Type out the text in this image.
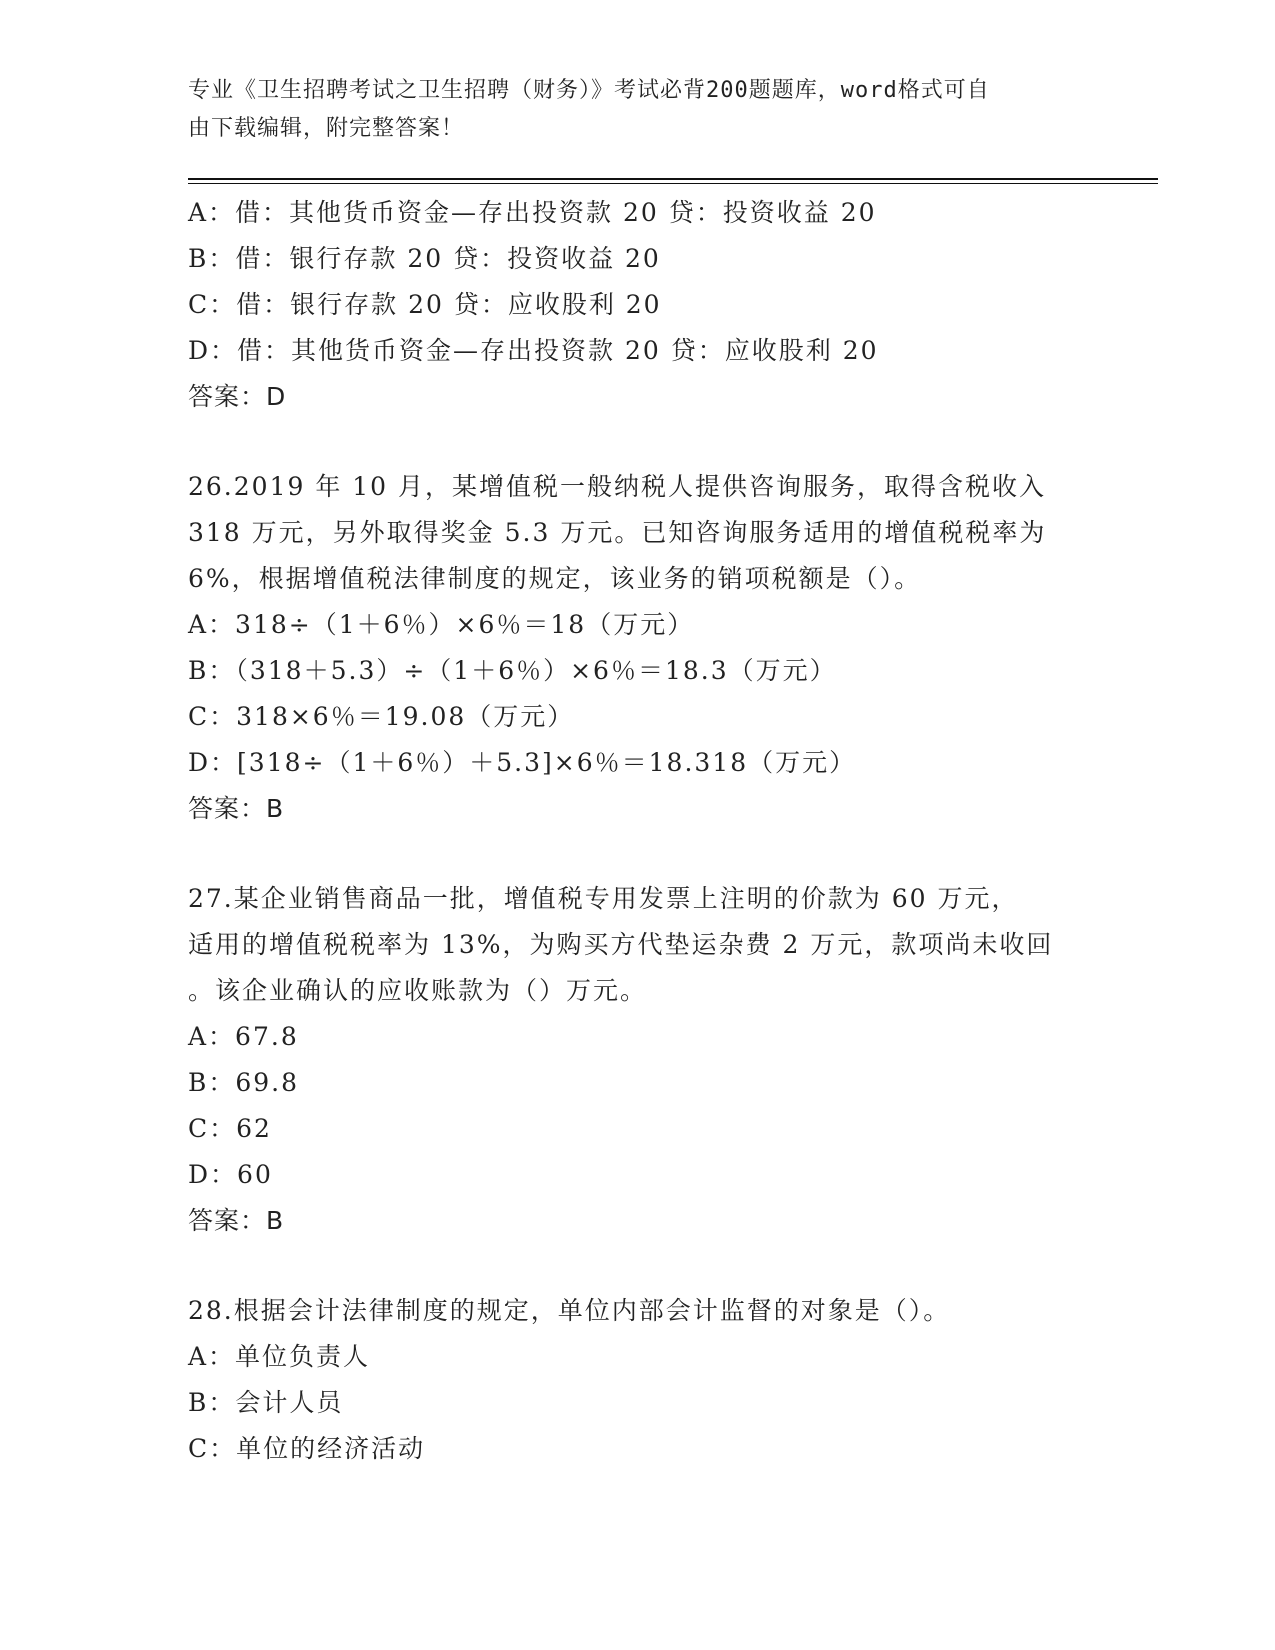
专业《卫生招聘考试之卫生招聘（财务）》考试必背200题题库，word格式可自
由下载编辑，附完整答案！
A：借：其他货币资金—存出投资款 20 贷：投资收益 20
B：借：银行存款 20 贷：投资收益 20
C：借：银行存款 20 贷：应收股利 20
D：借：其他货币资金—存出投资款 20 贷：应收股利 20
答案：D
26.2019 年 10 月，某增值税一般纳税人提供咨询服务，取得含税收入
318 万元，另外取得奖金 5.3 万元。已知咨询服务适用的增值税税率为
6%，根据增值税法律制度的规定，该业务的销项税额是（）。
A：318÷（1＋6％）×6％＝18（万元）
B：（318＋5.3）÷（1＋6％）×6％＝18.3（万元）
C：318×6％＝19.08（万元）
D：[318÷（1＋6％）＋5.3]×6％＝18.318（万元）
答案：B
27.某企业销售商品一批，增值税专用发票上注明的价款为 60 万元，
适用的增值税税率为 13%，为购买方代垫运杂费 2 万元，款项尚未收回
。该企业确认的应收账款为（）万元。
A：67.8
B：69.8
C：62
D：60
答案：B
28.根据会计法律制度的规定，单位内部会计监督的对象是（）。
A：单位负责人
B：会计人员
C：单位的经济活动
